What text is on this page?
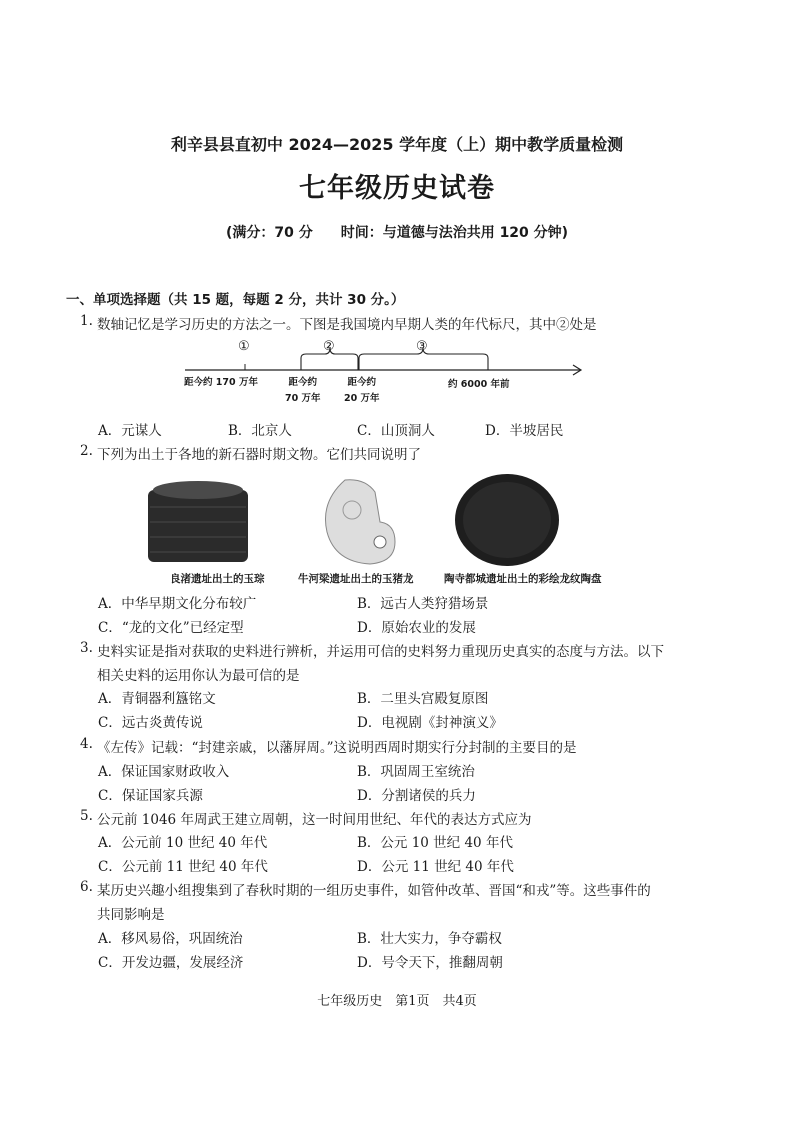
利辛县县直初中 2024—2025 学年度（上）期中教学质量检测
七年级历史试卷
(满分：70 分　　时间：与道德与法治共用 120 分钟)
一、单项选择题（共 15 题，每题 2 分，共计 30 分。）
1. 数轴记忆是学习历史的方法之一。下图是我国境内早期人类的年代标尺，其中②处是
①	②	③
距今约 170 万年	距今约
70 万年
距今约
20 万年
约 6000 年前
A．元谋人	B．北京人	C．山顶洞人	D．半坡居民
2. 下列为出土于各地的新石器时期文物。它们共同说明了
良渚遗址出土的玉琮	牛河梁遗址出土的玉猪龙	陶寺都城遗址出土的彩绘龙纹陶盘
A．中华早期文化分布较广	B．远古人类狩猎场景
C．“龙的文化”已经定型	D．原始农业的发展
3. 史料实证是指对获取的史料进行辨析，并运用可信的史料努力重现历史真实的态度与方法。以下
相关史料的运用你认为最可信的是
A．青铜器利簋铭文	B．二里头宫殿复原图
C．远古炎黄传说	D．电视剧《封神演义》
4. 《左传》记载：“封建亲戚，以藩屏周。”这说明西周时期实行分封制的主要目的是
A．保证国家财政收入	B．巩固周王室统治
C．保证国家兵源	D．分割诸侯的兵力
5. 公元前 1046 年周武王建立周朝，这一时间用世纪、年代的表达方式应为
A．公元前 10 世纪 40 年代	B．公元 10 世纪 40 年代
C．公元前 11 世纪 40 年代	D．公元 11 世纪 40 年代
6. 某历史兴趣小组搜集到了春秋时期的一组历史事件，如管仲改革、晋国“和戎”等。这些事件的
共同影响是
A．移风易俗，巩固统治	B．壮大实力，争夺霸权
C．开发边疆，发展经济	D．号令天下，推翻周朝
七年级历史　第1页　共4页
